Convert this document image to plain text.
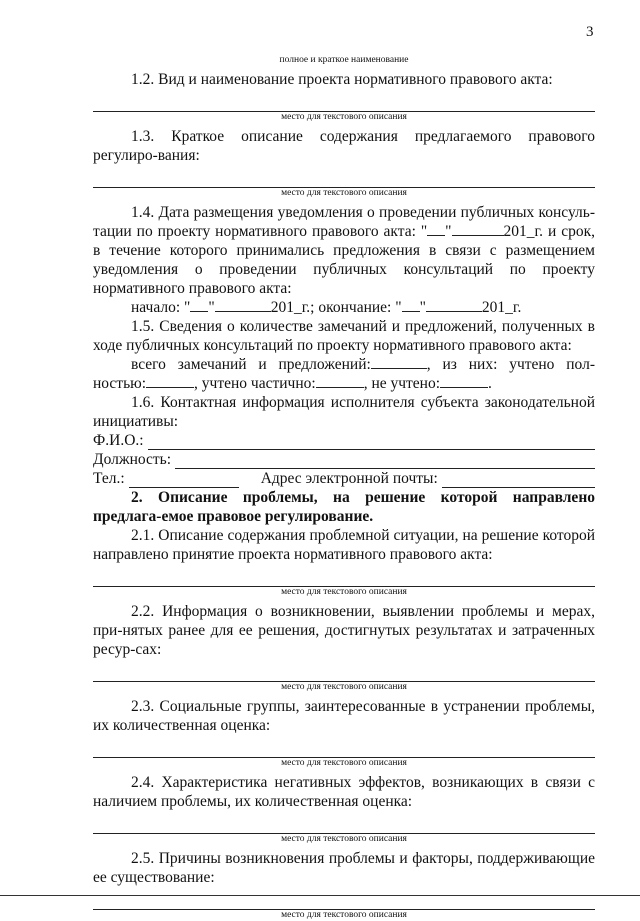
3

полное и краткое наименование

1.2. Вид и наименование проекта нормативного правового акта:

место для текстового описания

1.3. Краткое описание содержания предлагаемого правового регулиро-вания:

место для текстового описания

1.4. Дата размещения уведомления о проведении публичных консуль-тации по проекту нормативного правового акта: " "	201_г. и срок, в течение которого принимались предложения в связи с размещением уведомления о проведении публичных консультаций по проекту нормативного правового акта:

начало: " "	201_г.; окончание: " "	201_г.

1.5. Сведения о количестве замечаний и предложений, полученных в ходе публичных консультаций по проекту нормативного правового акта:

всего замечаний и предложений:	, из них: учтено пол-

ностью:	, учтено частично:	, не учтено:	.

1.6. Контактная информация исполнителя субъекта законодательной инициативы:

Ф.И.О.:
Должность:
Тел.:	Адрес электронной почты:

2. Описание проблемы, на решение которой направлено предлага-емое правовое регулирование.

2.1. Описание содержания проблемной ситуации, на решение которой направлено принятие проекта нормативного правового акта:

место для текстового описания

2.2. Информация о возникновении, выявлении проблемы и мерах, при-нятых ранее для ее решения, достигнутых результатах и затраченных ресур-сах:

место для текстового описания

2.3. Социальные группы, заинтересованные в устранении проблемы, их количественная оценка:

место для текстового описания

2.4. Характеристика негативных эффектов, возникающих в связи с наличием проблемы, их количественная оценка:

место для текстового описания

2.5. Причины возникновения проблемы и факторы, поддерживающие ее существование:

место для текстового описания
